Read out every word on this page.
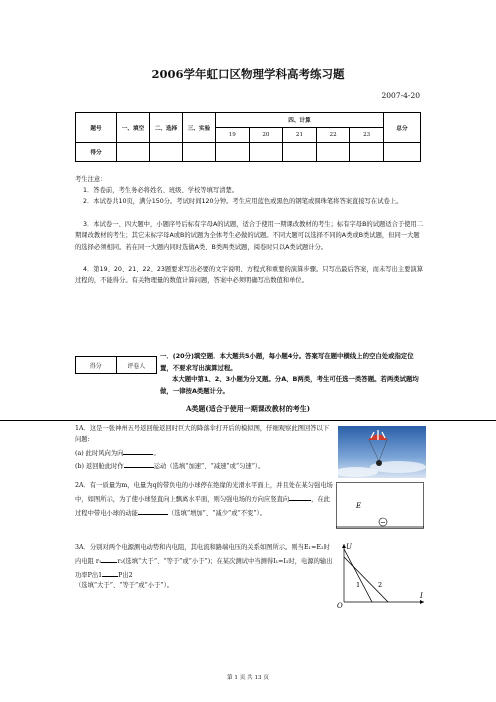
2006学年虹口区物理学科高考练习题
2007-4-20
题号	一、填空	二、选择	三、实验	四、计算					总分
				19	20	21	22	23	
得分									
考生注意：
1．答卷前，考生务必将姓名、班级、学校等填写清楚。
2．本试卷共10页，满分150分。考试时间120分钟。考生应用蓝色或黑色的钢笔或圆珠笔将答案直接写在试卷上。
3．本试卷一、四大题中，小题序号后标有字母A的试题，适合于使用一期课改教材的考生；标有字母B的试题适合于使用二期课改教材的考生；其它未标字母A或B的试题为全体考生必做的试题。不同大题可以选择不同的A类或B类试题，但同一大题的选择必须相同。若在同一大题内同时选做A类、B类两类试题，阅卷时只以A类试题计分。
4．第19、20、21、22、23题要求写出必要的文字说明、方程式和重要的演算步骤。只写出最后答案，而未写出主要演算过程的，不能得分。有关物理量的数值计算问题，答案中必须明确写出数值和单位。
得分	评卷人
一．(20分)填空题．本大题共5小题，每小题4分。答案写在题中横线上的空白处或指定位置，不要求写出演算过程。
本大题中第1、2、3小题为分叉题。分A、B两类，考生可任选一类答题。若两类试题均做，一律按A类题计分。
A类题(适合于使用一期课改教材的考生)
1A．这是一张神州五号返回舱返回时巨大的降落伞打开后的模拟图，仔细观察此图回答以下问题:
(a) 此时风向为向	。
(b) 返回舱此时作	运动（选填“加速”、“减速”或“匀速”）。
2A．有一质量为m，电量为q的带负电的小球停在绝缘的光滑水平面上，并且处在某匀强电场中，如图所示，为了使小球竖直向上飘离水平面，则匀强电场的方向应竖直向	，在此过程中带电小球的动能	（选填“增加”、“减少”或“不变”）。
E
−
3A．分别对两个电源测电动势和内电阻，其电流和路端电压的关系如图所示。则当E₁=E₂时内电阻 r₁	r₂(选填“大于”、“等于”或“小于”)；在某次测试中当测得I₁=I₂时，电源的输出功率P出1	P出2
（选填“大于”、“等于”或“小于”）。
U
I
O
1	2
第 1 页 共 13 页
